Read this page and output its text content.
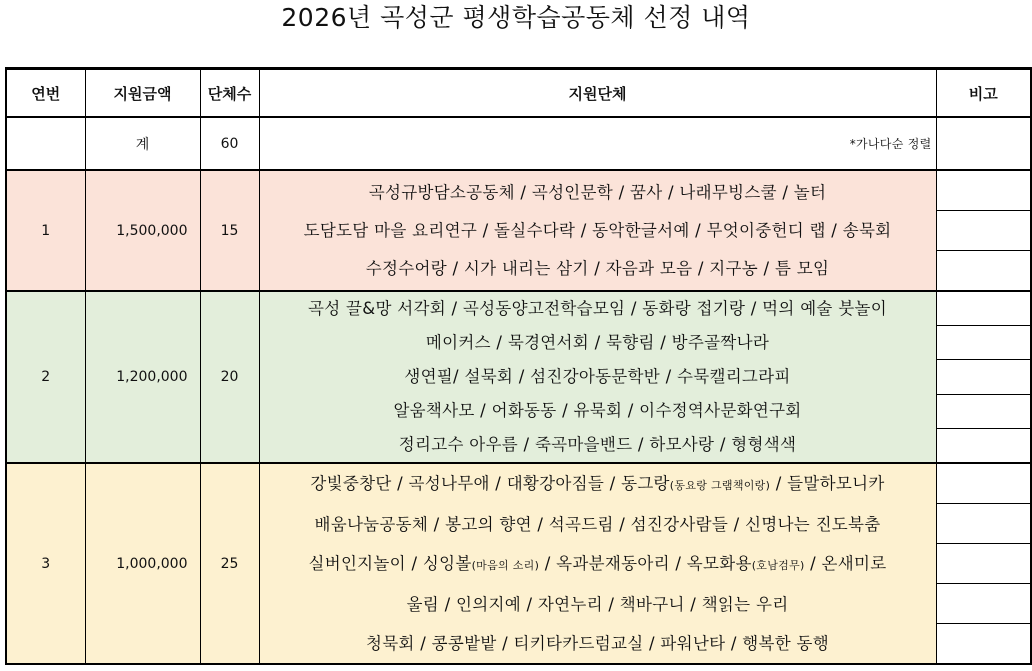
2026년 곡성군 평생학습공동체 선정 내역
연번	지원금액	단체수	지원단체	비고
	계	60	*가나다순 정렬	
1	1,500,000	15	곡성규방담소공동체 / 곡성인문학 / 꿈사 / 나래무빙스쿨 / 놀터
도담도담 마을 요리연구 / 돌실수다락 / 동악한글서예 / 무엇이중헌디 랩 / 송묵회
수정수어랑 / 시가 내리는 삼기 / 자음과 모음 / 지구농 / 틈 모임	

2	1,200,000	20	곡성 끌&망 서각회 / 곡성동양고전학습모임 / 동화랑 접기랑 / 먹의 예술 붓놀이
메이커스 / 묵경연서회 / 묵향림 / 방주골짝나라
생연필/ 설묵회 / 섬진강아동문학반 / 수묵캘리그라피
알움책사모 / 어화동동 / 유묵회 / 이수정역사문화연구회
정리고수 아우름 / 죽곡마을밴드 / 하모사랑 / 형형색색	

3	1,000,000	25	강빛중창단 / 곡성나무애 / 대황강아짐들 / 동그랑(동요랑 그램책이랑) / 들말하모니카
배움나눔공동체 / 봉고의 향연 / 석곡드림 / 섬진강사람들 / 신명나는 진도북춤
실버인지놀이 / 싱잉볼(마음의 소리) / 옥과분재동아리 / 옥모화용(호남검무) / 온새미로
울림 / 인의지예 / 자연누리 / 책바구니 / 책읽는 우리
청묵회 / 콩콩밭밭 / 티키타카드럼교실 / 파워난타 / 행복한 동행	
